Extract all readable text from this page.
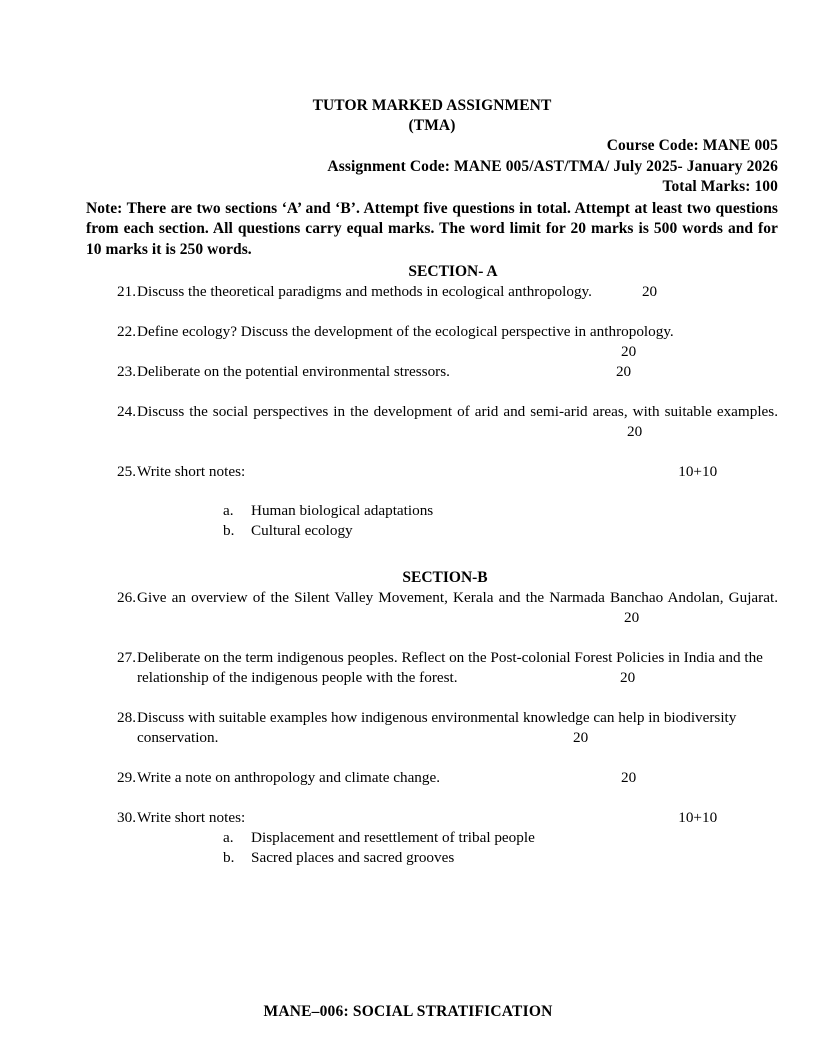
TUTOR MARKED ASSIGNMENT
(TMA)
Course Code: MANE 005
Assignment Code: MANE 005/AST/TMA/ July 2025- January 2026
Total Marks: 100
Note: There are two sections ‘A’ and ‘B’. Attempt five questions in total. Attempt at least two questions from each section. All questions carry equal marks. The word limit for 20 marks is 500 words and for 10 marks it is 250 words.
SECTION- A
21. Discuss the theoretical paradigms and methods in ecological anthropology.	20
22. Define ecology? Discuss the development of the ecological perspective in anthropology.
20
23. Deliberate on the potential environmental stressors.	20
24. Discuss the social perspectives in the development of arid and semi-arid areas, with suitable examples.
20
25. Write short notes:	10+10
a. Human biological adaptations
b. Cultural ecology
SECTION-B
26. Give an overview of the Silent Valley Movement, Kerala and the Narmada Banchao Andolan, Gujarat.
20
27. Deliberate on the term indigenous peoples. Reflect on the Post-colonial Forest Policies in India and the relationship of the indigenous people with the forest.	20
28. Discuss with suitable examples how indigenous environmental knowledge can help in biodiversity conservation.	20
29. Write a note on anthropology and climate change.	20
30. Write short notes:	10+10
a. Displacement and resettlement of tribal people
b. Sacred places and sacred grooves
MANE–006: SOCIAL STRATIFICATION
